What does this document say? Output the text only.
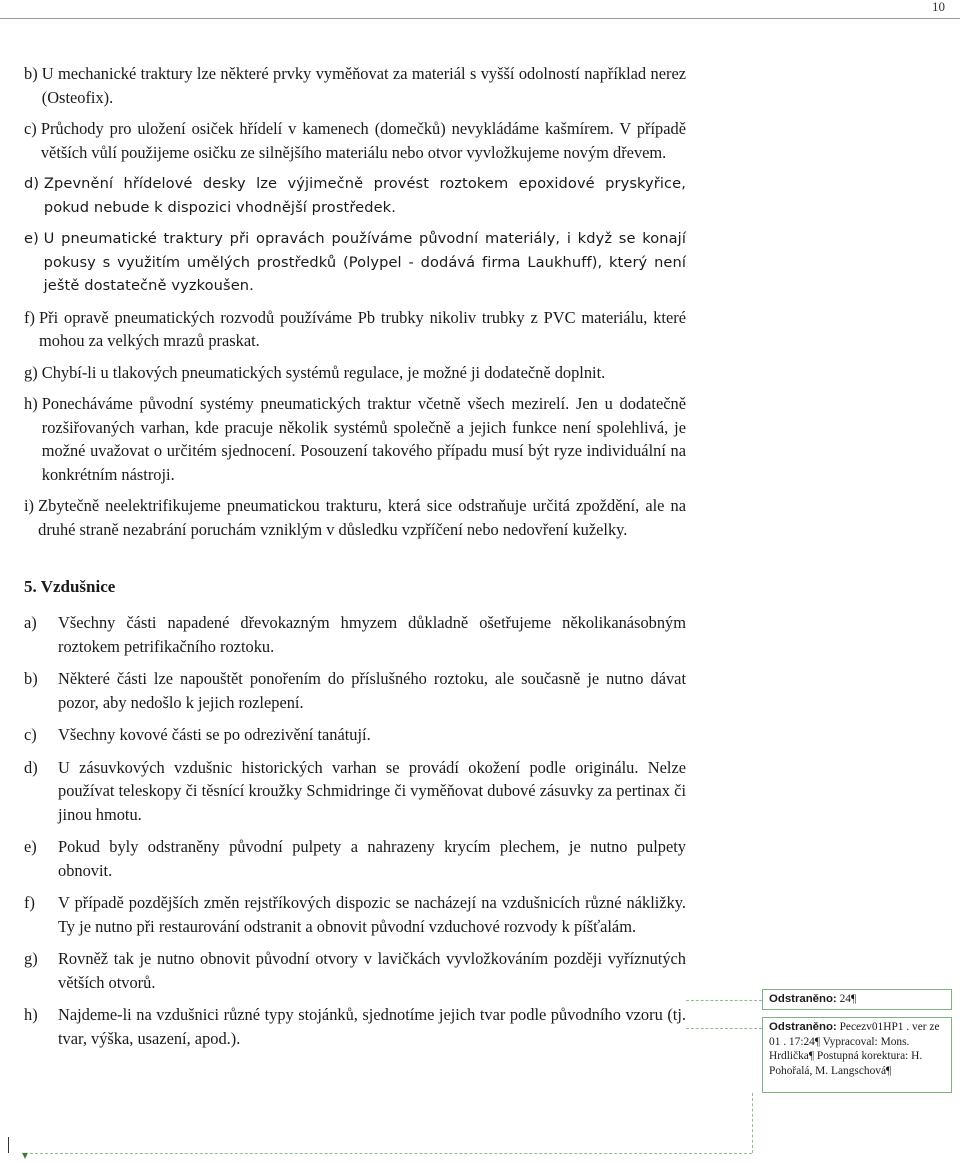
10
b) U mechanické traktury lze některé prvky vyměňovat za materiál s vyšší odolností například nerez (Osteofix).
c) Průchody pro uložení osiček hřídelí v kamenech (domečků) nevykládáme kašmírem. V případě větších vůlí použijeme osičku ze silnějšího materiálu nebo otvor vyvložkujeme novým dřevem.
d) Zpevnění hřídelové desky lze výjimečně provést roztokem epoxidové pryskyřice, pokud nebude k dispozici vhodnější prostředek.
e) U pneumatické traktury při opravách používáme původní materiály, i když se konají pokusy s využitím umělých prostředků (Polypel - dodává firma Laukhuff), který není ještě dostatečně vyzkoušen.
f) Při opravě pneumatických rozvodů používáme Pb trubky nikoliv trubky z PVC materiálu, které mohou za velkých mrazů praskat.
g) Chybí-li u tlakových pneumatických systémů regulace, je možné ji dodatečně doplnit.
h) Ponecháváme původní systémy pneumatických traktur včetně všech mezirelí. Jen u dodatečně rozšiřovaných varhan, kde pracuje několik systémů společně a jejich funkce není spolehlivá, je možné uvažovat o určitém sjednocení. Posouzení takového případu musí být ryze individuální na konkrétním nástroji.
i) Zbytečně neelektrifikujeme pneumatickou trakturu, která sice odstraňuje určitá zpoždění, ale na druhé straně nezabrání poruchám vzniklým v důsledku vzpříčení nebo nedovření kuželky.
5. Vzdušnice
a)	Všechny části napadené dřevokazným hmyzem důkladně ošetřujeme několikanásobným roztokem petrifikačního roztoku.
b)	Některé části lze napouštět ponořením do příslušného roztoku, ale současně je nutno dávat pozor, aby nedošlo k jejich rozlepení.
c)	Všechny kovové části se po odrezivění tanátují.
d)	U zásuvkových vzdušnic historických varhan se provádí okožení podle originálu. Nelze používat teleskopy či těsnící kroužky Schmidringe či vyměňovat dubové zásuvky za pertinax či jinou hmotu.
e)	Pokud byly odstraněny původní pulpety a nahrazeny krycím plechem, je nutno pulpety obnovit.
f)	V případě pozdějších změn rejstříkových dispozic se nacházejí na vzdušnicích různé nákližky. Ty je nutno při restaurování odstranit a obnovit původní vzduchové rozvody k píšťalám.
g)	Rovněž tak je nutno obnovit původní otvory v lavičkách vyvložkováním později vyříznutých větších otvorů.
h)	Najdeme-li na vzdušnici různé typy stojánků, sjednotíme jejich tvar podle původního vzoru (tj. tvar, výška, usazení, apod.).
Odstraněno: 24¶
Odstraněno: Pecezv01HP1 . ver ze 01 . 17:24¶ Vypracoval: Mons. Hrdlička¶ Postupná korektura: H. Pohořalá, M. Langschová¶
▾
